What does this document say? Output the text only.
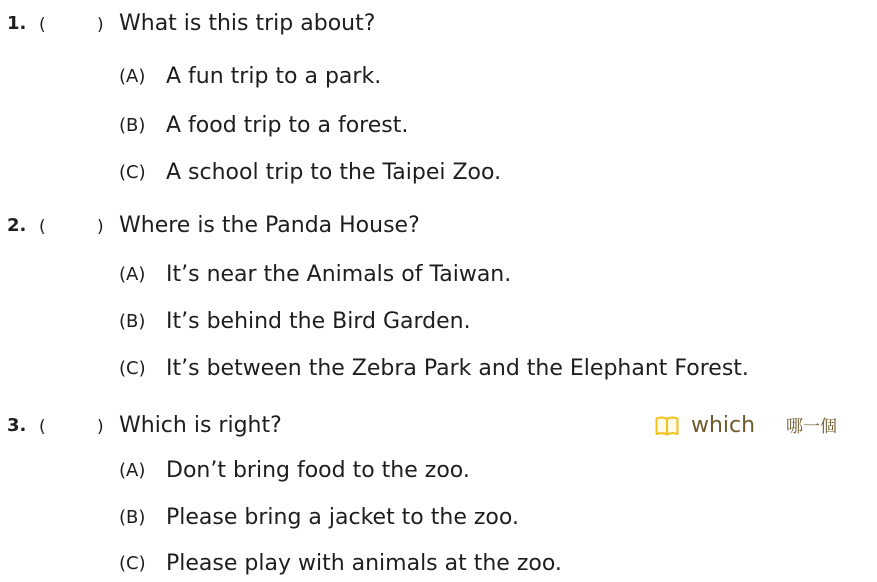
1. (	) What is this trip about?
(A) A fun trip to a park.
(B) A food trip to a forest.
(C) A school trip to the Taipei Zoo.
2. (	) Where is the Panda House?
(A) It’s near the Animals of Taiwan.
(B) It’s behind the Bird Garden.
(C) It’s between the Zebra Park and the Elephant Forest.
3. (	) Which is right?
(A) Don’t bring food to the zoo.
(B) Please bring a jacket to the zoo.
(C) Please play with animals at the zoo.
which 哪一個
